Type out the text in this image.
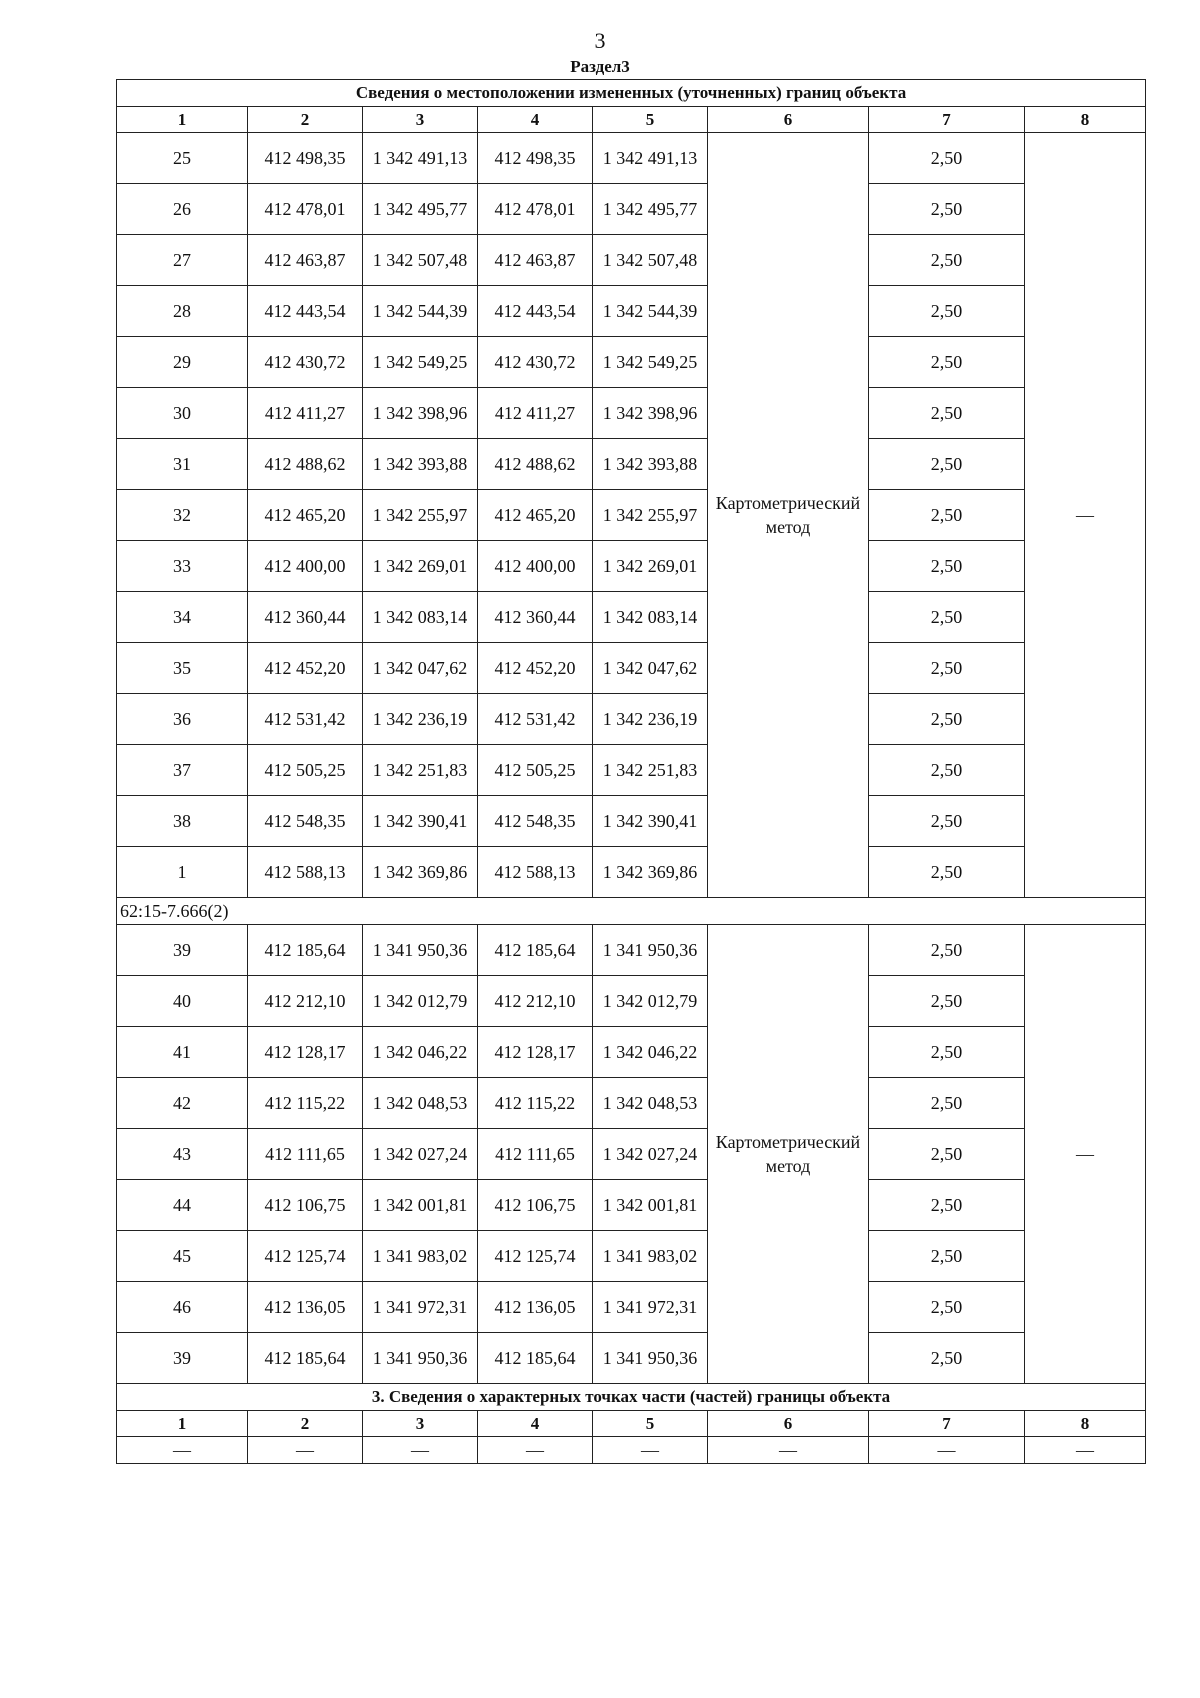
3
Раздел3
Сведения о местоположении измененных (уточненных) границ объекта							
1	2	3	4	5	6	7	8
25	412 498,35	1 342 491,13	412 498,35	1 342 491,13	Картометрический метод	2,50	—
26	412 478,01	1 342 495,77	412 478,01	1 342 495,77		2,50	
27	412 463,87	1 342 507,48	412 463,87	1 342 507,48		2,50	
28	412 443,54	1 342 544,39	412 443,54	1 342 544,39		2,50	
29	412 430,72	1 342 549,25	412 430,72	1 342 549,25		2,50	
30	412 411,27	1 342 398,96	412 411,27	1 342 398,96		2,50	
31	412 488,62	1 342 393,88	412 488,62	1 342 393,88		2,50	
32	412 465,20	1 342 255,97	412 465,20	1 342 255,97		2,50	
33	412 400,00	1 342 269,01	412 400,00	1 342 269,01		2,50	
34	412 360,44	1 342 083,14	412 360,44	1 342 083,14		2,50	
35	412 452,20	1 342 047,62	412 452,20	1 342 047,62		2,50	
36	412 531,42	1 342 236,19	412 531,42	1 342 236,19		2,50	
37	412 505,25	1 342 251,83	412 505,25	1 342 251,83		2,50	
38	412 548,35	1 342 390,41	412 548,35	1 342 390,41		2,50	
1	412 588,13	1 342 369,86	412 588,13	1 342 369,86		2,50	
62:15-7.666(2)							
39	412 185,64	1 341 950,36	412 185,64	1 341 950,36	Картометрический метод	2,50	—
40	412 212,10	1 342 012,79	412 212,10	1 342 012,79		2,50	
41	412 128,17	1 342 046,22	412 128,17	1 342 046,22		2,50	
42	412 115,22	1 342 048,53	412 115,22	1 342 048,53		2,50	
43	412 111,65	1 342 027,24	412 111,65	1 342 027,24		2,50	
44	412 106,75	1 342 001,81	412 106,75	1 342 001,81		2,50	
45	412 125,74	1 341 983,02	412 125,74	1 341 983,02		2,50	
46	412 136,05	1 341 972,31	412 136,05	1 341 972,31		2,50	
39	412 185,64	1 341 950,36	412 185,64	1 341 950,36		2,50	
3. Сведения о характерных точках части (частей) границы объекта							
1	2	3	4	5	6	7	8
—	—	—	—	—	—	—	—
